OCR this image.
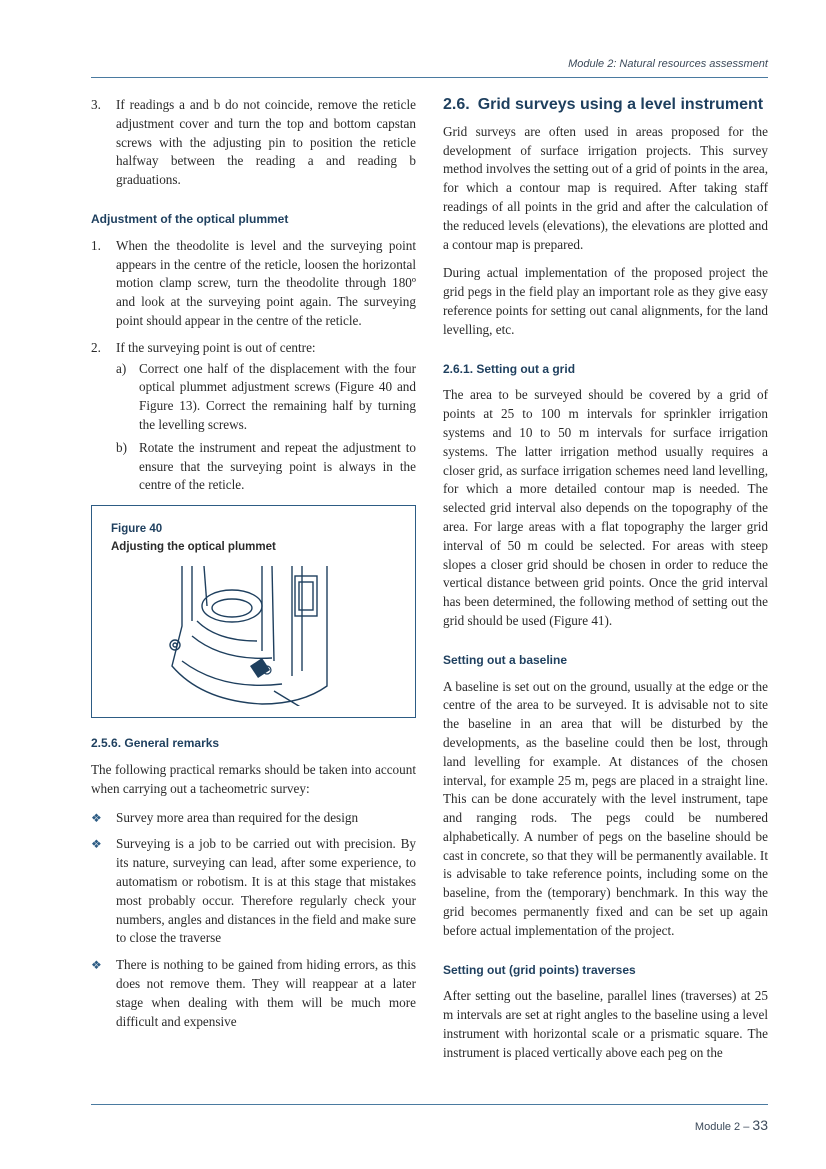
Module 2: Natural resources assessment
3. If readings a and b do not coincide, remove the reticle adjustment cover and turn the top and bottom capstan screws with the adjusting pin to position the reticle halfway between the reading a and reading b graduations.
Adjustment of the optical plummet
1. When the theodolite is level and the surveying point appears in the centre of the reticle, loosen the horizontal motion clamp screw, turn the theodolite through 180º and look at the surveying point again. The surveying point should appear in the centre of the reticle.
2. If the surveying point is out of centre:
a) Correct one half of the displacement with the four optical plummet adjustment screws (Figure 40 and Figure 13). Correct the remaining half by turning the levelling screws.
b) Rotate the instrument and repeat the adjustment to ensure that the surveying point is always in the centre of the reticle.
Figure 40
Adjusting the optical plummet
2.5.6. General remarks

The following practical remarks should be taken into account when carrying out a tacheometric survey:

❖ Survey more area than required for the design
❖ Surveying is a job to be carried out with precision. By its nature, surveying can lead, after some experience, to automatism or robotism. It is at this stage that mistakes most probably occur. Therefore regularly check your numbers, angles and distances in the field and make sure to close the traverse
❖ There is nothing to be gained from hiding errors, as this does not remove them. They will reappear at a later stage when dealing with them will be much more difficult and expensive
2.6. Grid surveys using a level instrument

Grid surveys are often used in areas proposed for the development of surface irrigation projects. This survey method involves the setting out of a grid of points in the area, for which a contour map is required. After taking staff readings of all points in the grid and after the calculation of the reduced levels (elevations), the elevations are plotted and a contour map is prepared.

During actual implementation of the proposed project the grid pegs in the field play an important role as they give easy reference points for setting out canal alignments, for the land levelling, etc.

2.6.1. Setting out a grid

The area to be surveyed should be covered by a grid of points at 25 to 100 m intervals for sprinkler irrigation systems and 10 to 50 m intervals for surface irrigation systems. The latter irrigation method usually requires a closer grid, as surface irrigation schemes need land levelling, for which a more detailed contour map is needed. The selected grid interval also depends on the topography of the area. For large areas with a flat topography the larger grid interval of 50 m could be selected. For areas with steep slopes a closer grid should be chosen in order to reduce the vertical distance between grid points. Once the grid interval has been determined, the following method of setting out the grid should be used (Figure 41).

Setting out a baseline

A baseline is set out on the ground, usually at the edge or the centre of the area to be surveyed. It is advisable not to site the baseline in an area that will be disturbed by the developments, as the baseline could then be lost, through land levelling for example. At distances of the chosen interval, for example 25 m, pegs are placed in a straight line. This can be done accurately with the level instrument, tape and ranging rods. The pegs could be numbered alphabetically. A number of pegs on the baseline should be cast in concrete, so that they will be permanently available. It is advisable to take reference points, including some on the baseline, from the (temporary) benchmark. In this way the grid becomes permanently fixed and can be set up again before actual implementation of the project.

Setting out (grid points) traverses

After setting out the baseline, parallel lines (traverses) at 25 m intervals are set at right angles to the baseline using a level instrument with horizontal scale or a prismatic square. The instrument is placed vertically above each peg on the

Module 2 – 33
